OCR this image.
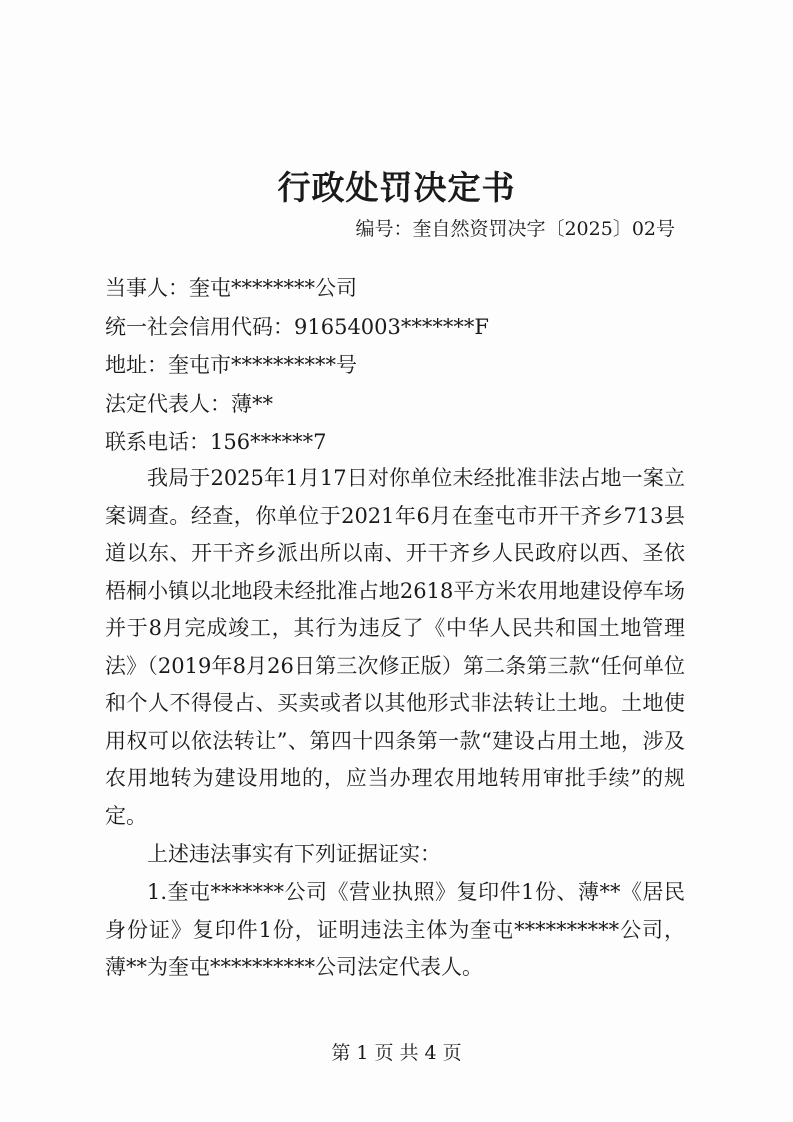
行政处罚决定书
编号：奎自然资罚决字〔2025〕02号
当事人：奎屯********公司
统一社会信用代码：91654003*******F
地址：奎屯市**********号
法定代表人：薄**
联系电话：156******7

我局于2025年1月17日对你单位未经批准非法占地一案立案调查。经查，你单位于2021年6月在奎屯市开干齐乡713县道以东、开干齐乡派出所以南、开干齐乡人民政府以西、圣依梧桐小镇以北地段未经批准占地2618平方米农用地建设停车场并于8月完成竣工，其行为违反了《中华人民共和国土地管理法》（2019年8月26日第三次修正版）第二条第三款“任何单位和个人不得侵占、买卖或者以其他形式非法转让土地。土地使用权可以依法转让”、第四十四条第一款“建设占用土地，涉及农用地转为建设用地的，应当办理农用地转用审批手续”的规定。

上述违法事实有下列证据证实：

1.奎屯*******公司《营业执照》复印件1份、薄**《居民身份证》复印件1份，证明违法主体为奎屯**********公司，薄**为奎屯**********公司法定代表人。

第 1 页 共 4 页
